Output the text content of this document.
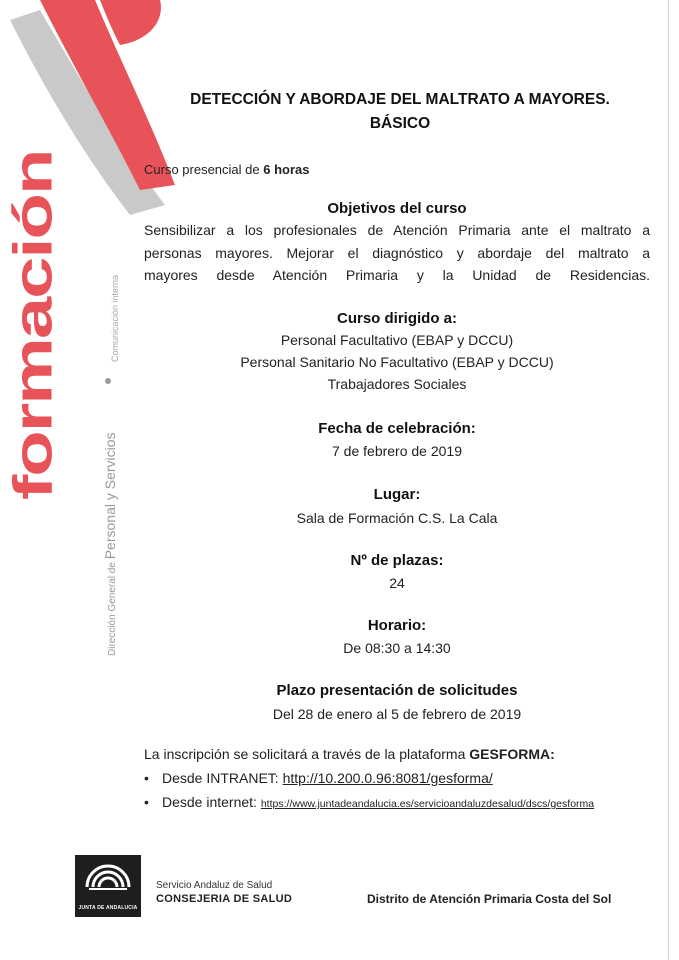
formación
Dirección General de Personal y Servicios
Comunicación interna
DETECCIÓN Y ABORDAJE DEL MALTRATO A MAYORES.
BÁSICO
Curso presencial de 6 horas
Objetivos del curso
Sensibilizar a los profesionales de Atención Primaria ante el maltrato a
personas mayores. Mejorar el diagnóstico y abordaje del maltrato a
mayores desde Atención Primaria y la Unidad de Residencias.
Curso dirigido a:
Personal Facultativo (EBAP y DCCU)
Personal Sanitario No Facultativo (EBAP y DCCU)
Trabajadores Sociales
Fecha de celebración:
7 de febrero de 2019
Lugar:
Sala de Formación C.S. La Cala
Nº de plazas:
24
Horario:
De 08:30 a 14:30
Plazo presentación de solicitudes
Del 28 de enero al 5 de febrero de 2019
La inscripción se solicitará a través de la plataforma GESFORMA:
• Desde INTRANET: http://10.200.0.96:8081/gesforma/
• Desde internet: https://www.juntadeandalucia.es/servicioandaluzdesalud/dscs/gesforma
JUNTA DE ANDALUCIA
Servicio Andaluz de Salud
CONSEJERIA DE SALUD	Distrito de Atención Primaria Costa del Sol
